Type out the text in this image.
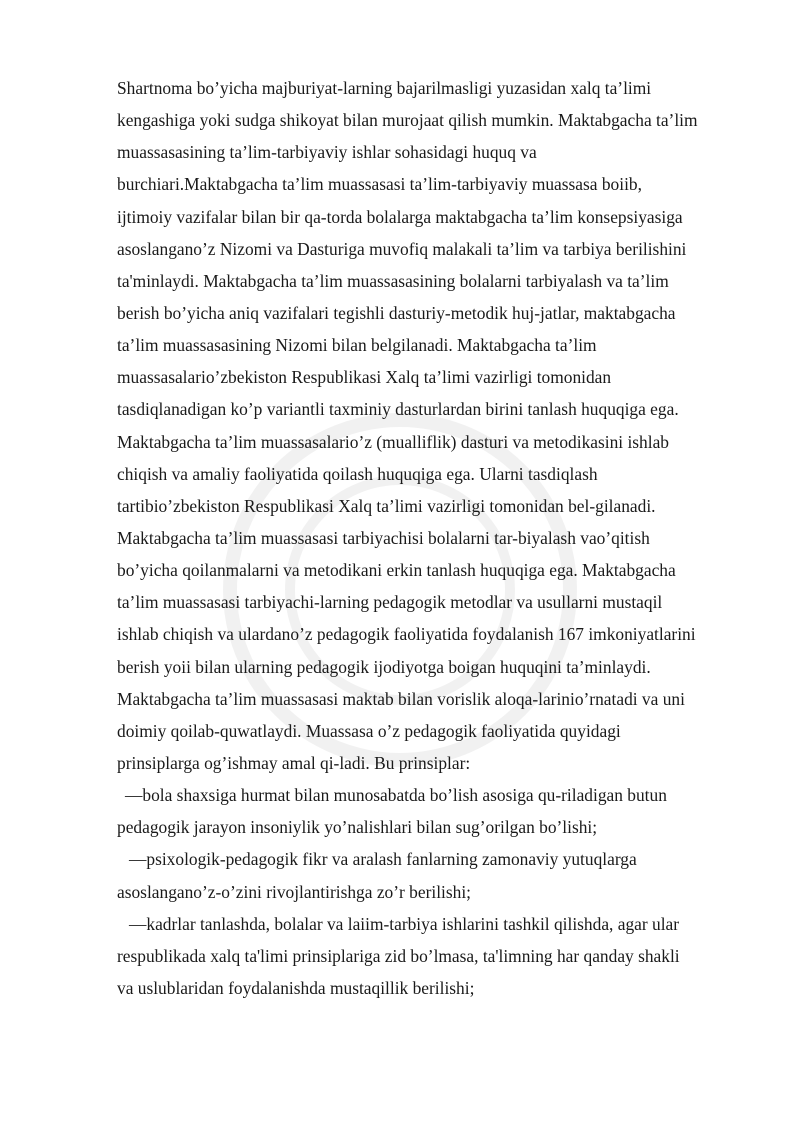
Shartnoma bo’yicha majburiyat-larning bajarilmasligi yuzasidan xalq ta’limi
kengashiga yoki sudga shikoyat bilan murojaat qilish mumkin. Maktabgacha ta’lim
muassasasining ta’lim-tarbiyaviy ishlar sohasidagi huquq va
burchiari.Maktabgacha ta’lim muassasasi ta’lim-tarbiyaviy muassasa boiib,
ijtimoiy vazifalar bilan bir qa-torda bolalarga maktabgacha ta’lim konsepsiyasiga
asoslangano’z Nizomi va Dasturiga muvofiq malakali ta’lim va tarbiya berilishini
ta'minlaydi. Maktabgacha ta’lim muassasasining bolalarni tarbiyalash va ta’lim
berish bo’yicha aniq vazifalari tegishli dasturiy-metodik huj-jatlar, maktabgacha
ta’lim muassasasining Nizomi bilan belgilanadi. Maktabgacha ta’lim
muassasalario’zbekiston Respublikasi Xalq ta’limi vazirligi tomonidan
tasdiqlanadigan ko’p variantli taxminiy dasturlardan birini tanlash huquqiga ega.
Maktabgacha ta’lim muassasalario’z (mualliflik) dasturi va metodikasini ishlab
chiqish va amaliy faoliyatida qoilash huquqiga ega. Ularni tasdiqlash
tartibio’zbekiston Respublikasi Xalq ta’limi vazirligi tomonidan bel-gilanadi.
Maktabgacha ta’lim muassasasi tarbiyachisi bolalarni tar-biyalash vao’qitish
bo’yicha qoilanmalarni va metodikani erkin tanlash huquqiga ega. Maktabgacha
ta’lim muassasasi tarbiyachi-larning pedagogik metodlar va usullarni mustaqil
ishlab chiqish va ulardano’z pedagogik faoliyatida foydalanish 167 imkoniyatlarini
berish yoii bilan ularning pedagogik ijodiyotga boigan huquqini ta’minlaydi.
Maktabgacha ta’lim muassasasi maktab bilan vorislik aloqa-larinio’rnatadi va uni
doimiy qoilab-quwatlaydi. Muassasa o’z pedagogik faoliyatida quyidagi
prinsiplarga og’ishmay amal qi-ladi. Bu prinsiplar:
—bola shaxsiga hurmat bilan munosabatda bo’lish asosiga qu-riladigan butun
pedagogik jarayon insoniylik yo’nalishlari bilan sug’orilgan bo’lishi;
—psixologik-pedagogik fikr va aralash fanlarning zamonaviy yutuqlarga
asoslangano’z-o’zini rivojlantirishga zo’r berilishi;
—kadrlar tanlashda, bolalar va laiim-tarbiya ishlarini tashkil qilishda, agar ular
respublikada xalq ta'limi prinsiplariga zid bo’lmasa, ta'limning har qanday shakli
va uslublaridan foydalanishda mustaqillik berilishi;
